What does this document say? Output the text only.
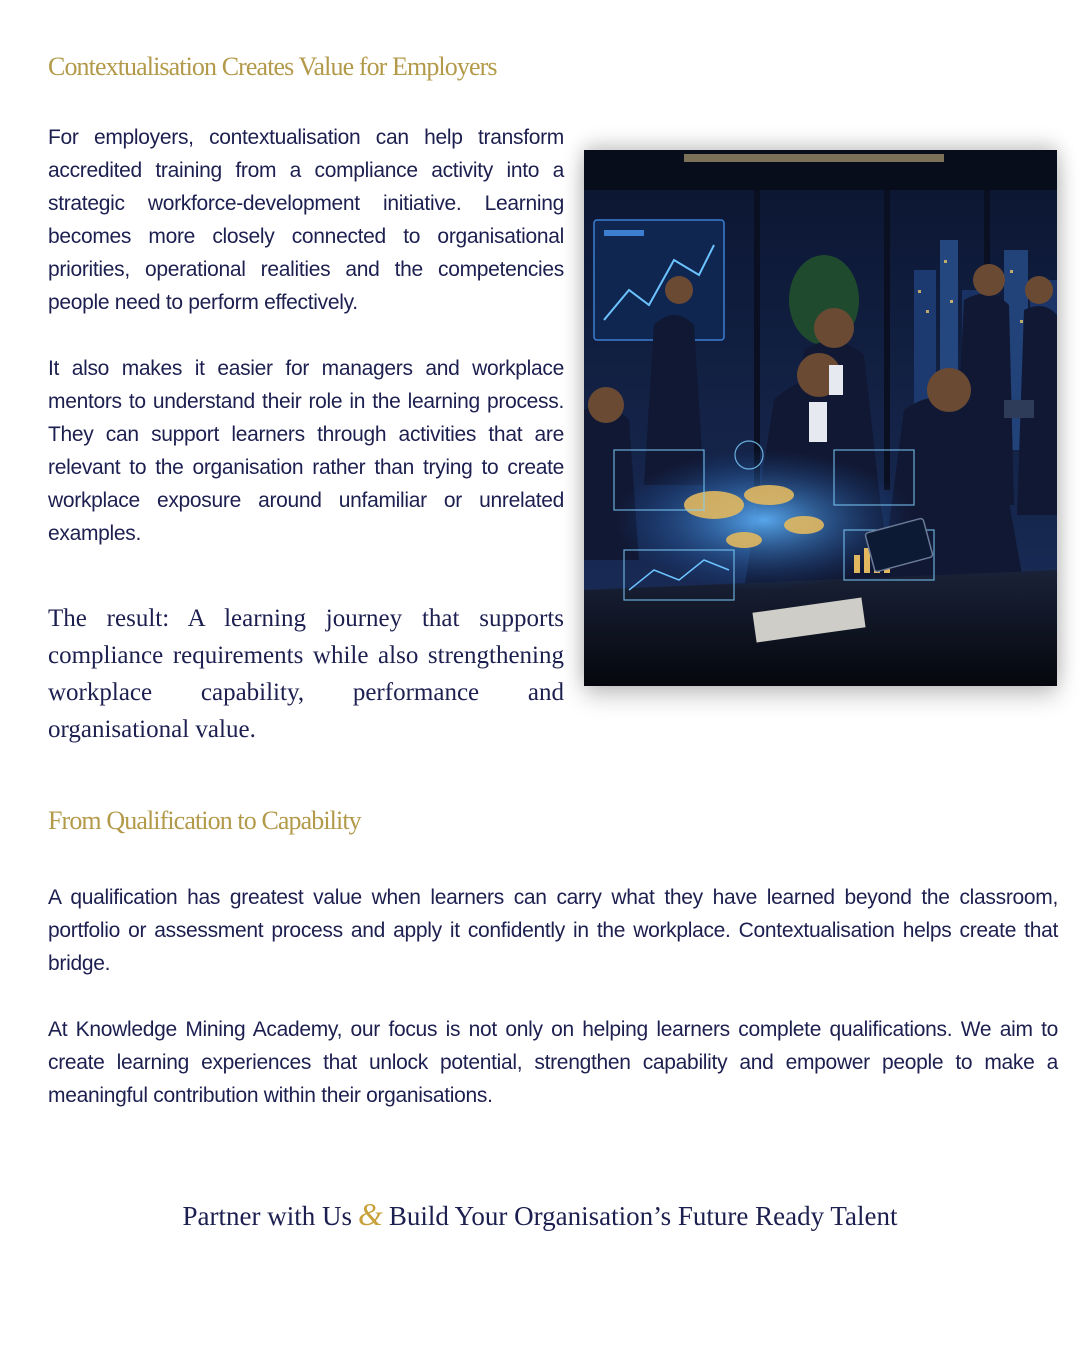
Contextualisation Creates Value for Employers

For employers, contextualisation can help transform accredited training from a compliance activity into a strategic workforce-development initiative. Learning becomes more closely connected to organisational priorities, operational realities and the competencies people need to perform effectively.

It also makes it easier for managers and workplace mentors to understand their role in the learning process. They can support learners through activities that are relevant to the organisation rather than trying to create workplace exposure around unfamiliar or unrelated examples.

The result: A learning journey that supports compliance requirements while also strengthening workplace capability, performance and organisational value.

From Qualification to Capability

A qualification has greatest value when learners can carry what they have learned beyond the classroom, portfolio or assessment process and apply it confidently in the workplace. Contextualisation helps create that bridge.

At Knowledge Mining Academy, our focus is not only on helping learners complete qualifications. We aim to create learning experiences that unlock potential, strengthen capability and empower people to make a meaningful contribution within their organisations.

Partner with Us & Build Your Organisation’s Future Ready Talent
